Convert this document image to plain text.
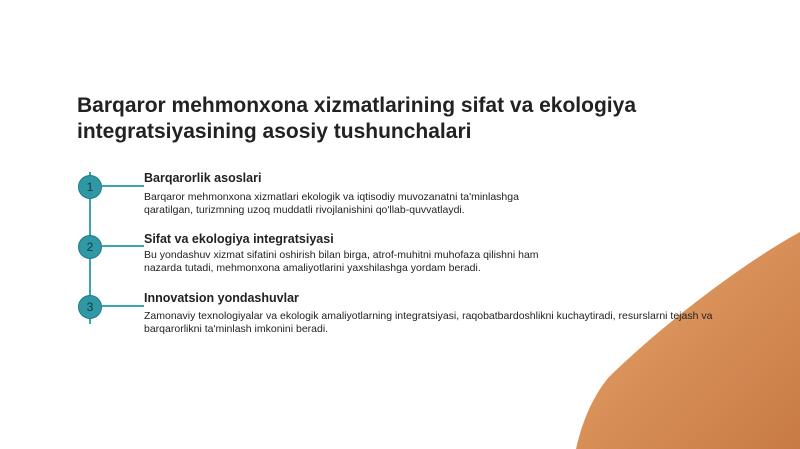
Barqaror mehmonxona xizmatlarining sifat va ekologiya integratsiyasining asosiy tushunchalari
1
Barqarorlik asoslari
Barqaror mehmonxona xizmatlari ekologik va iqtisodiy muvozanatni ta'minlashga qaratilgan, turizmning uzoq muddatli rivojlanishini qo'llab-quvvatlaydi.
2
Sifat va ekologiya integratsiyasi
Bu yondashuv xizmat sifatini oshirish bilan birga, atrof-muhitni muhofaza qilishni ham nazarda tutadi, mehmonxona amaliyotlarini yaxshilashga yordam beradi.
3
Innovatsion yondashuvlar
Zamonaviy texnologiyalar va ekologik amaliyotlarning integratsiyasi, raqobatbardoshlikni kuchaytiradi, resurslarni tejash va barqarorlikni ta'minlash imkonini beradi.
